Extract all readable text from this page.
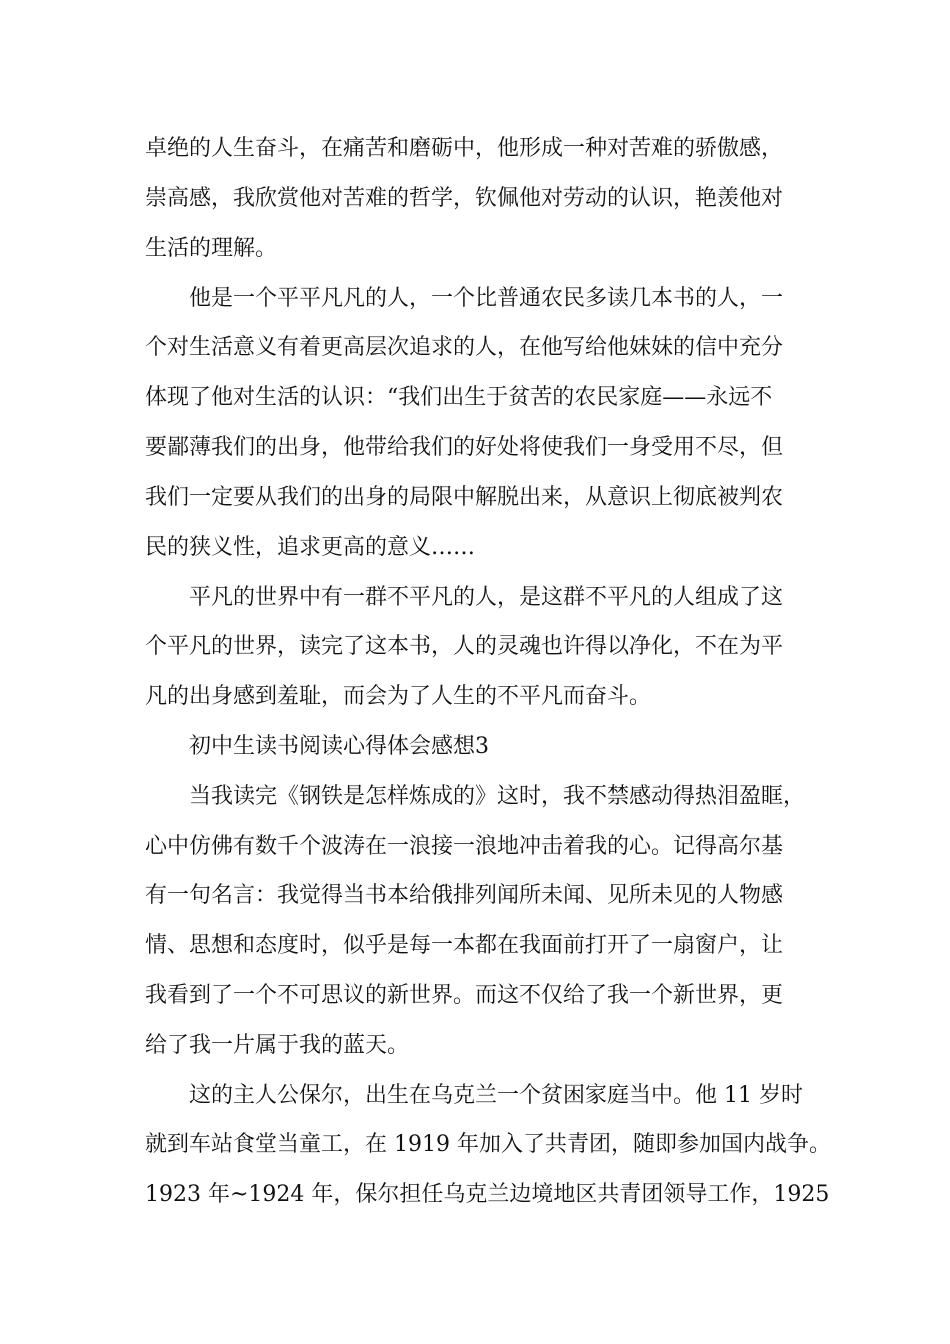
卓绝的人生奋斗，在痛苦和磨砺中，他形成一种对苦难的骄傲感，
崇高感，我欣赏他对苦难的哲学，钦佩他对劳动的认识，艳羡他对
生活的理解。
他是一个平平凡凡的人，一个比普通农民多读几本书的人，一
个对生活意义有着更高层次追求的人，在他写给他妹妹的信中充分
体现了他对生活的认识：“我们出生于贫苦的农民家庭——永远不
要鄙薄我们的出身，他带给我们的好处将使我们一身受用不尽，但
我们一定要从我们的出身的局限中解脱出来，从意识上彻底被判农
民的狭义性，追求更高的意义……
平凡的世界中有一群不平凡的人，是这群不平凡的人组成了这
个平凡的世界，读完了这本书，人的灵魂也许得以净化，不在为平
凡的出身感到羞耻，而会为了人生的不平凡而奋斗。
初中生读书阅读心得体会感想3
当我读完《钢铁是怎样炼成的》这时，我不禁感动得热泪盈眶，
心中仿佛有数千个波涛在一浪接一浪地冲击着我的心。记得高尔基
有一句名言：我觉得当书本给俄排列闻所未闻、见所未见的人物感
情、思想和态度时，似乎是每一本都在我面前打开了一扇窗户，让
我看到了一个不可思议的新世界。而这不仅给了我一个新世界，更
给了我一片属于我的蓝天。
这的主人公保尔，出生在乌克兰一个贫困家庭当中。他 11 岁时
就到车站食堂当童工，在 1919 年加入了共青团，随即参加国内战争。
1923 年~1924 年，保尔担任乌克兰边境地区共青团领导工作，1925
